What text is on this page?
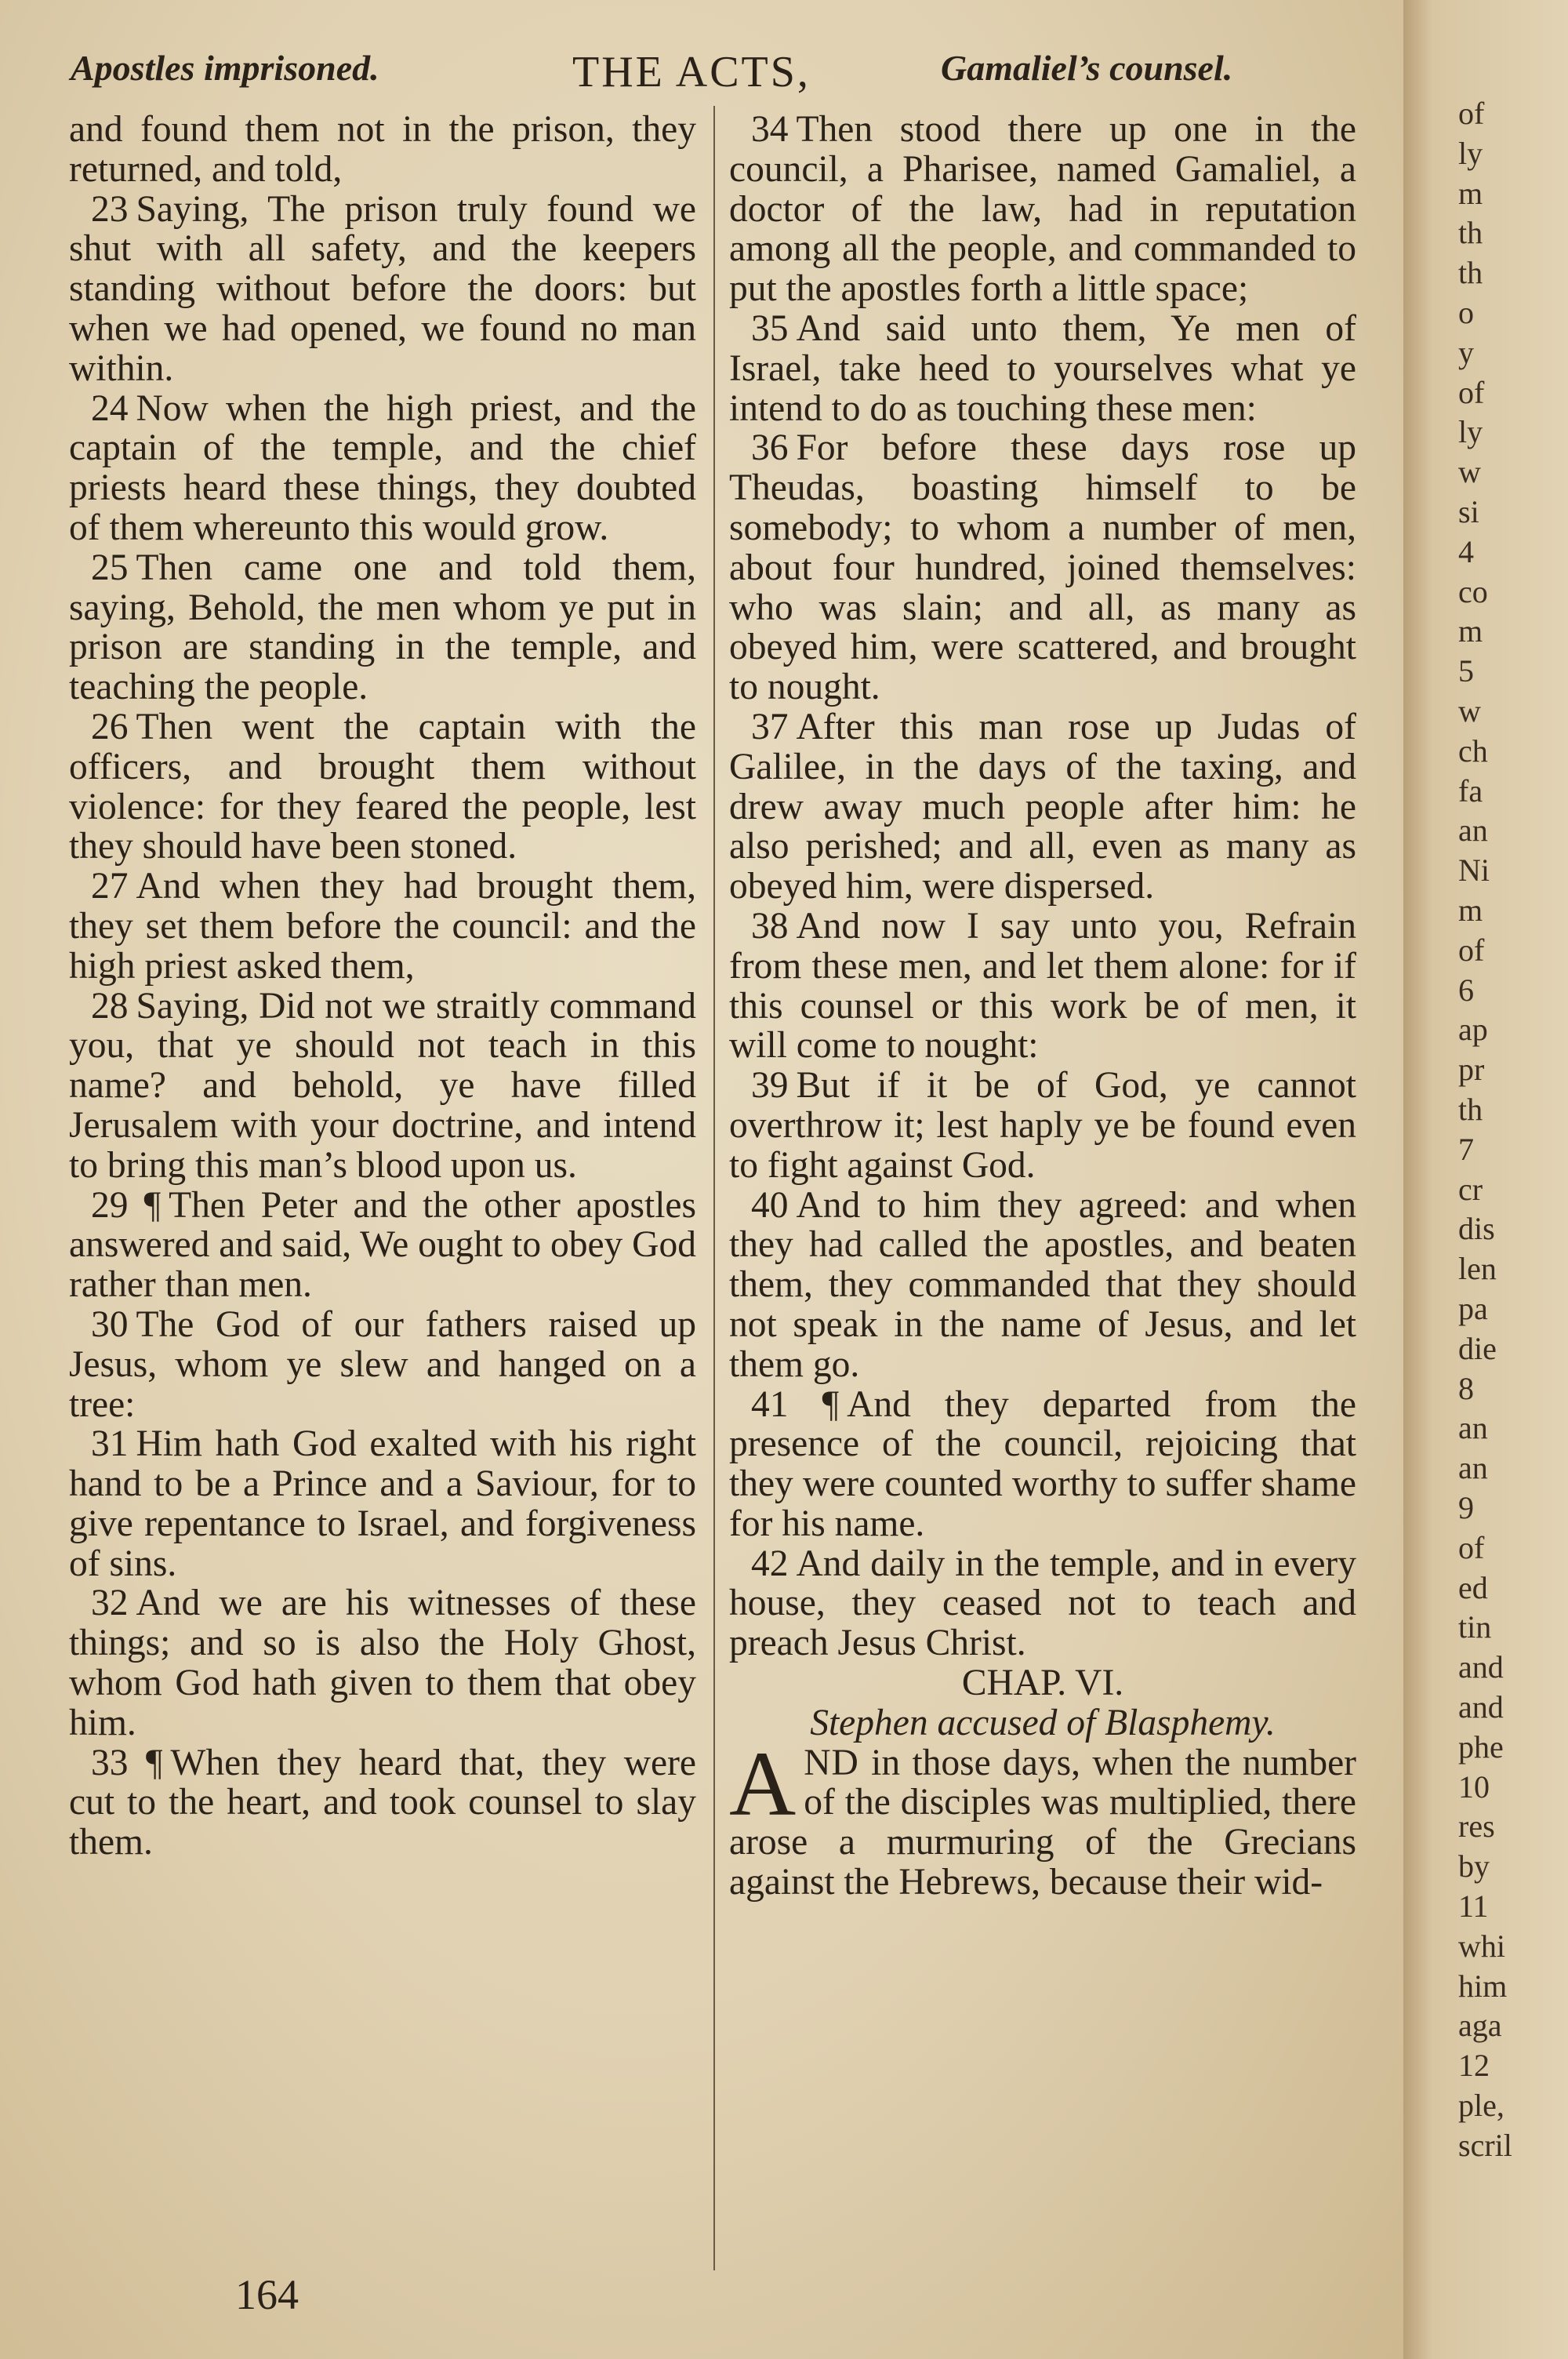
Apostles imprisoned.	THE ACTS,	Gamaliel’s counsel.

and found them not in the prison, they returned, and told,

23 Saying, The prison truly found we shut with all safety, and the keepers standing without before the doors: but when we had opened, we found no man within.

24 Now when the high priest, and the captain of the temple, and the chief priests heard these things, they doubted of them whereunto this would grow.

25 Then came one and told them, saying, Behold, the men whom ye put in prison are standing in the temple, and teaching the people.

26 Then went the captain with the officers, and brought them without violence: for they feared the people, lest they should have been stoned.

27 And when they had brought them, they set them before the council: and the high priest asked them,

28 Saying, Did not we straitly command you, that ye should not teach in this name? and behold, ye have filled Jerusalem with your doctrine, and intend to bring this man’s blood upon us.

29 ¶ Then Peter and the other apostles answered and said, We ought to obey God rather than men.

30 The God of our fathers raised up Jesus, whom ye slew and hanged on a tree:

31 Him hath God exalted with his right hand to be a Prince and a Saviour, for to give repentance to Israel, and forgiveness of sins.

32 And we are his witnesses of these things; and so is also the Holy Ghost, whom God hath given to them that obey him.

33 ¶ When they heard that, they were cut to the heart, and took counsel to slay them.

34 Then stood there up one in the council, a Pharisee, named Gamaliel, a doctor of the law, had in reputation among all the people, and commanded to put the apostles forth a little space;

35 And said unto them, Ye men of Israel, take heed to yourselves what ye intend to do as touching these men:

36 For before these days rose up Theudas, boasting himself to be somebody; to whom a number of men, about four hundred, joined themselves: who was slain; and all, as many as obeyed him, were scattered, and brought to nought.

37 After this man rose up Judas of Galilee, in the days of the taxing, and drew away much people after him: he also perished; and all, even as many as obeyed him, were dispersed.

38 And now I say unto you, Refrain from these men, and let them alone: for if this counsel or this work be of men, it will come to nought:

39 But if it be of God, ye cannot overthrow it; lest haply ye be found even to fight against God.

40 And to him they agreed: and when they had called the apostles, and beaten them, they commanded that they should not speak in the name of Jesus, and let them go.

41 ¶ And they departed from the presence of the council, rejoicing that they were counted worthy to suffer shame for his name.

42 And daily in the temple, and in every house, they ceased not to teach and preach Jesus Christ.

CHAP. VI.

Stephen accused of Blasphemy.

AND in those days, when the number of the disciples was multiplied, there arose a murmuring of the Grecians against the Hebrews, because their wid-

164
of
ly
m
th
th
o
y
of
ly
w
si
4
co
m
5
w
ch
fa
an
Ni
m
of
6
ap
pr
th
7
cr
dis
len
pa
die
8
an
an
9
of
ed
tin
and
and
phe
10
res
by
11
whi
him
aga
12
ple,
scril
